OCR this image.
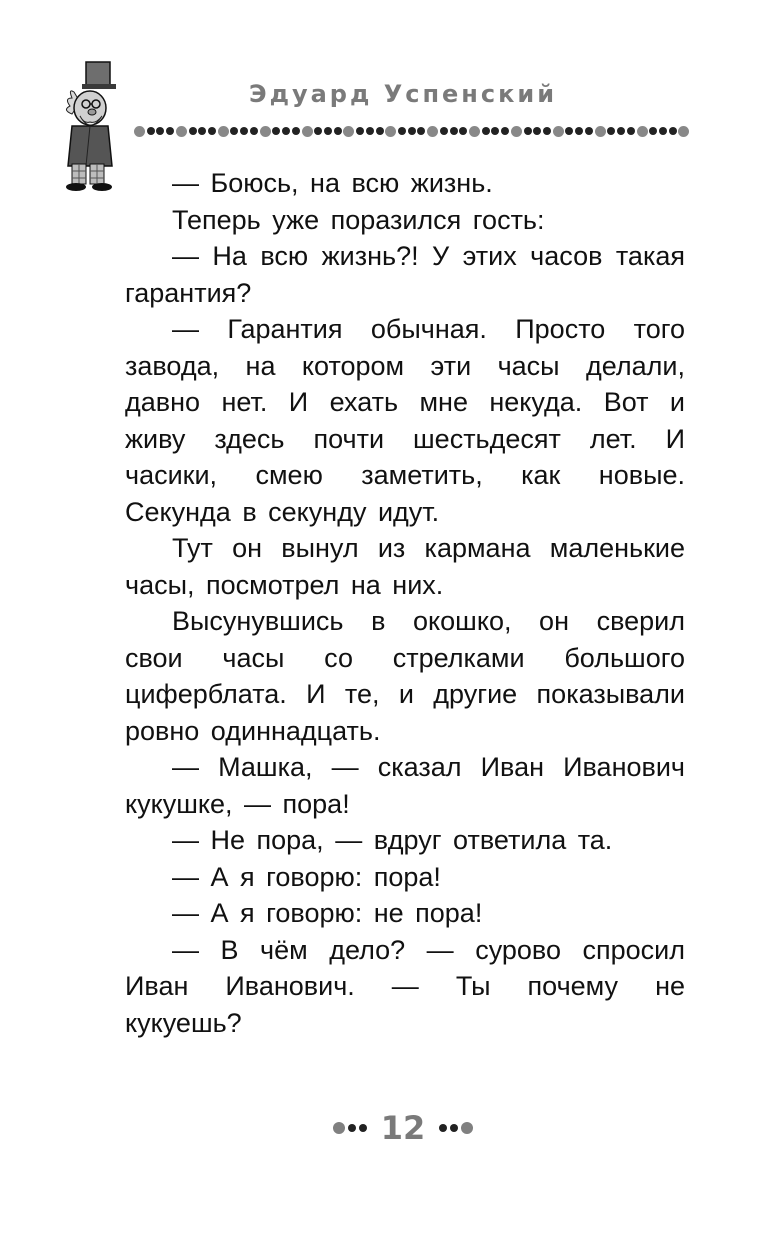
Эдуард Успенский

— Боюсь, на всю жизнь.

Теперь уже поразился гость:

— На всю жизнь?! У этих часов такая гарантия?

— Гарантия обычная. Просто того завода, на котором эти часы делали, давно нет. И ехать мне некуда. Вот и живу здесь почти шестьдесят лет. И часики, смею заметить, как новые. Секунда в секунду идут.

Тут он вынул из кармана маленькие часы, посмотрел на них.

Высунувшись в окошко, он сверил свои часы со стрелками большого циферблата. И те, и другие показывали ровно одиннадцать.

— Машка, — сказал Иван Иванович кукушке, — пора!

— Не пора, — вдруг ответила та.

— А я говорю: пора!

— А я говорю: не пора!

— В чём дело? — сурово спросил Иван Иванович. — Ты почему не кукуешь?

12
